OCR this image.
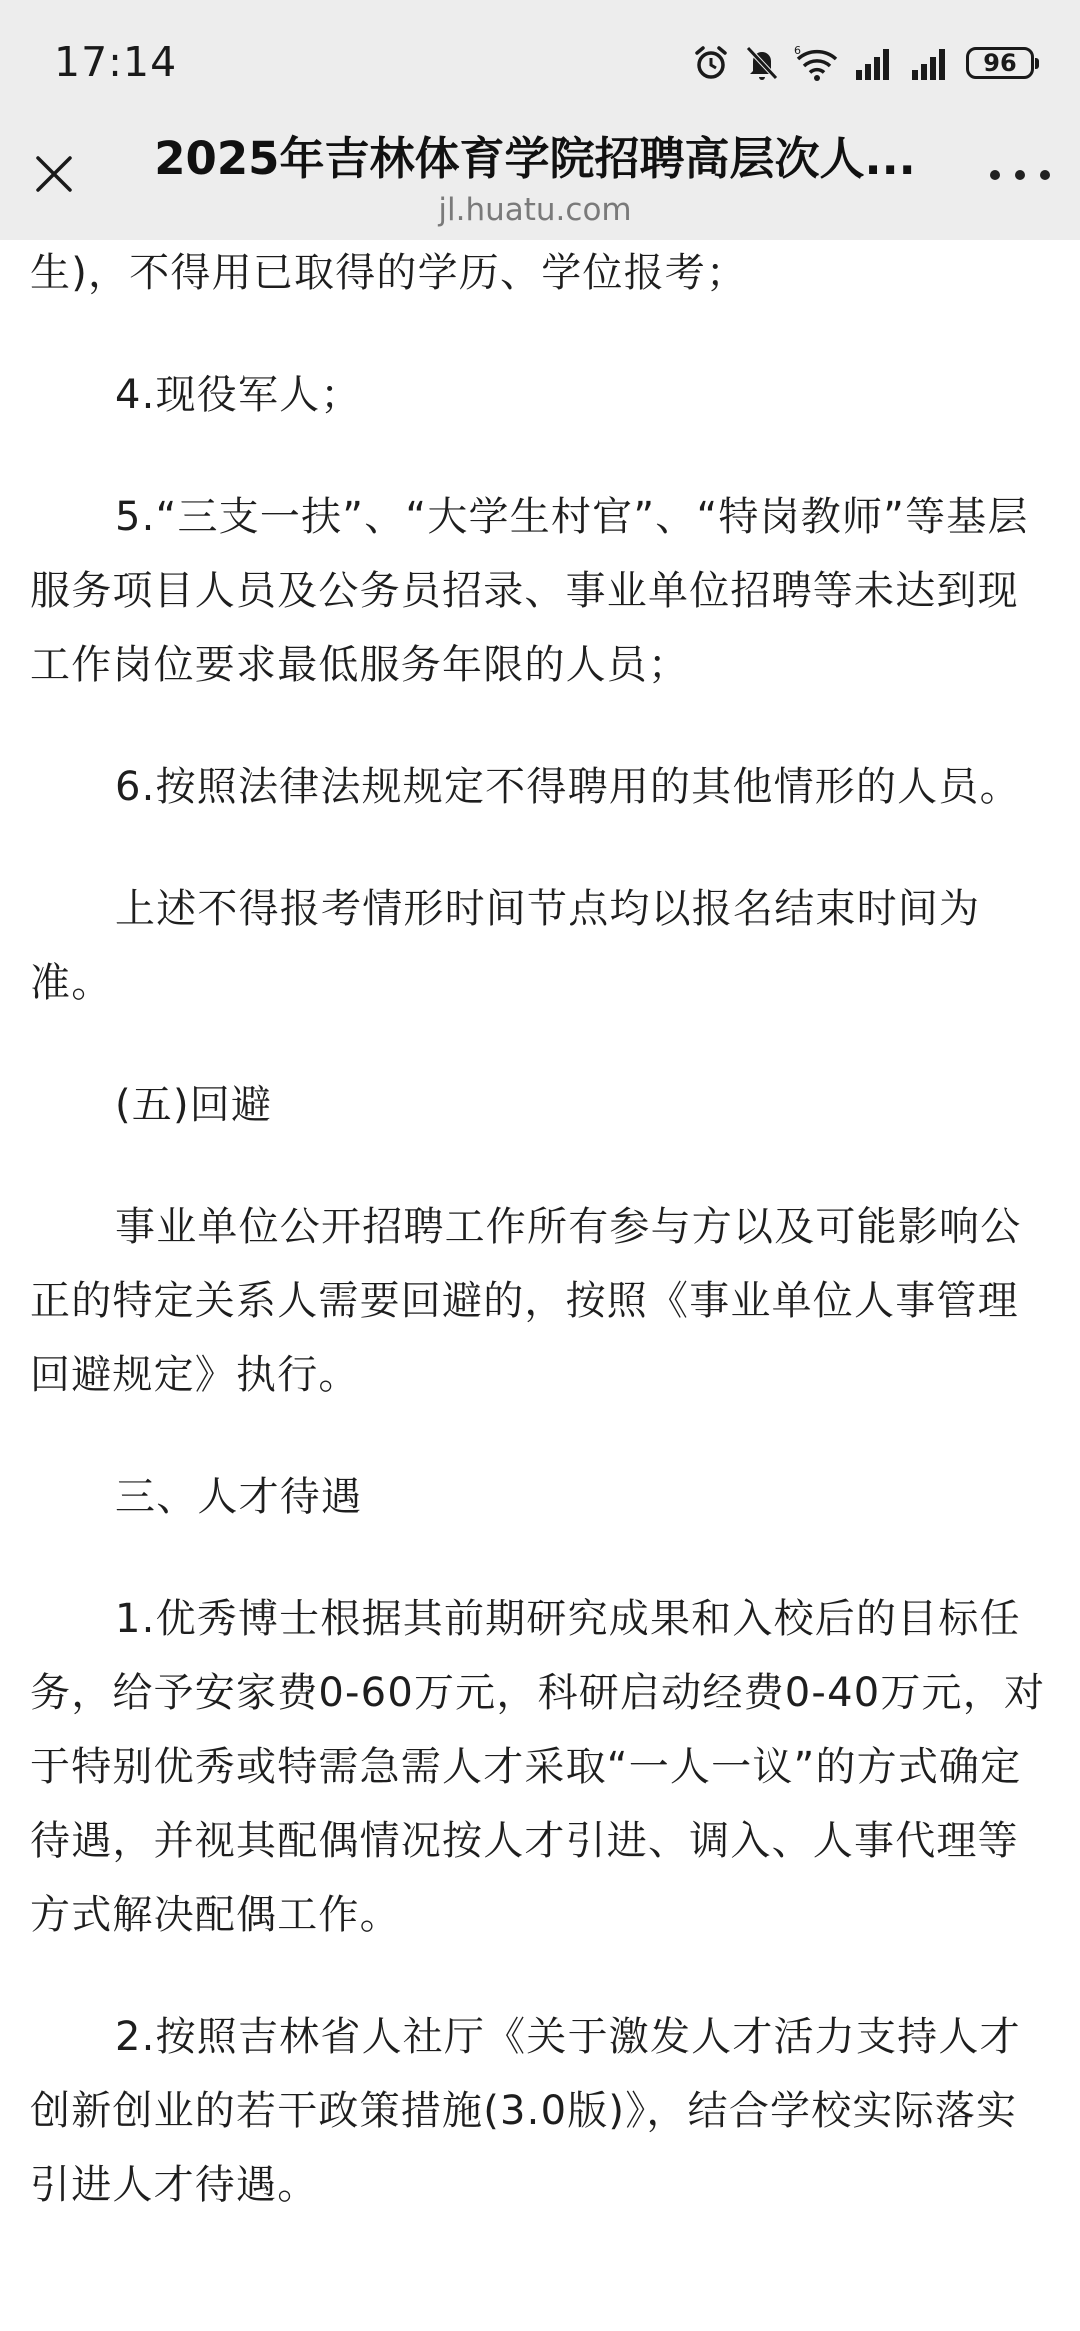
17:14	6	96
2025年吉林体育学院招聘高层次人...
jl.huatu.com

生)，不得用已取得的学历、学位报考；

4.现役军人；

5.“三支一扶”、“大学生村官”、“特岗教师”等基层服务项目人员及公务员招录、事业单位招聘等未达到现工作岗位要求最低服务年限的人员；

6.按照法律法规规定不得聘用的其他情形的人员。

上述不得报考情形时间节点均以报名结束时间为准。

(五)回避

事业单位公开招聘工作所有参与方以及可能影响公正的特定关系人需要回避的，按照《事业单位人事管理回避规定》执行。

三、人才待遇

1.优秀博士根据其前期研究成果和入校后的目标任务，给予安家费0-60万元，科研启动经费0-40万元，对于特别优秀或特需急需人才采取“一人一议”的方式确定待遇，并视其配偶情况按人才引进、调入、人事代理等方式解决配偶工作。

2.按照吉林省人社厅《关于激发人才活力支持人才创新创业的若干政策措施(3.0版)》，结合学校实际落实引进人才待遇。
